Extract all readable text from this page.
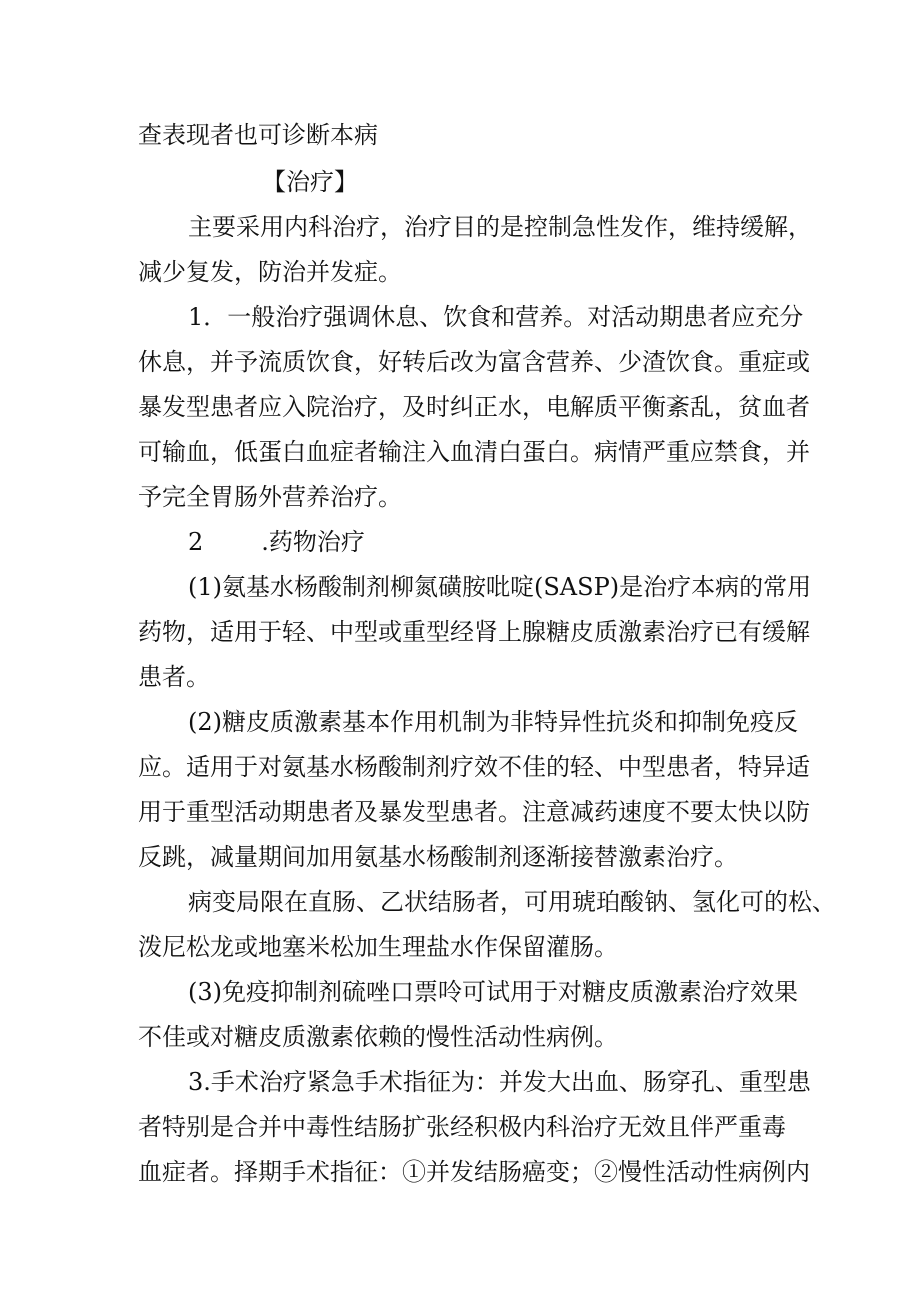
查表现者也可诊断本病
【治疗】
主要采用内科治疗，治疗目的是控制急性发作，维持缓解，
减少复发，防治并发症。
1．一般治疗强调休息、饮食和营养。对活动期患者应充分
休息，并予流质饮食，好转后改为富含营养、少渣饮食。重症或
暴发型患者应入院治疗，及时纠正水，电解质平衡紊乱，贫血者
可输血，低蛋白血症者输注入血清白蛋白。病情严重应禁食，并
予完全胃肠外营养治疗。
2 .药物治疗
(1)氨基水杨酸制剂柳氮磺胺吡啶(SASP)是治疗本病的常用
药物，适用于轻、中型或重型经肾上腺糖皮质激素治疗已有缓解
患者。
(2)糖皮质激素基本作用机制为非特异性抗炎和抑制免疫反
应。适用于对氨基水杨酸制剂疗效不佳的轻、中型患者，特异适
用于重型活动期患者及暴发型患者。注意减药速度不要太快以防
反跳，减量期间加用氨基水杨酸制剂逐渐接替激素治疗。
病变局限在直肠、乙状结肠者，可用琥珀酸钠、氢化可的松、
泼尼松龙或地塞米松加生理盐水作保留灌肠。
(3)免疫抑制剂硫唑口票呤可试用于对糖皮质激素治疗效果
不佳或对糖皮质激素依赖的慢性活动性病例。
3.手术治疗紧急手术指征为：并发大出血、肠穿孔、重型患
者特别是合并中毒性结肠扩张经积极内科治疗无效且伴严重毒
血症者。择期手术指征：①并发结肠癌变；②慢性活动性病例内
